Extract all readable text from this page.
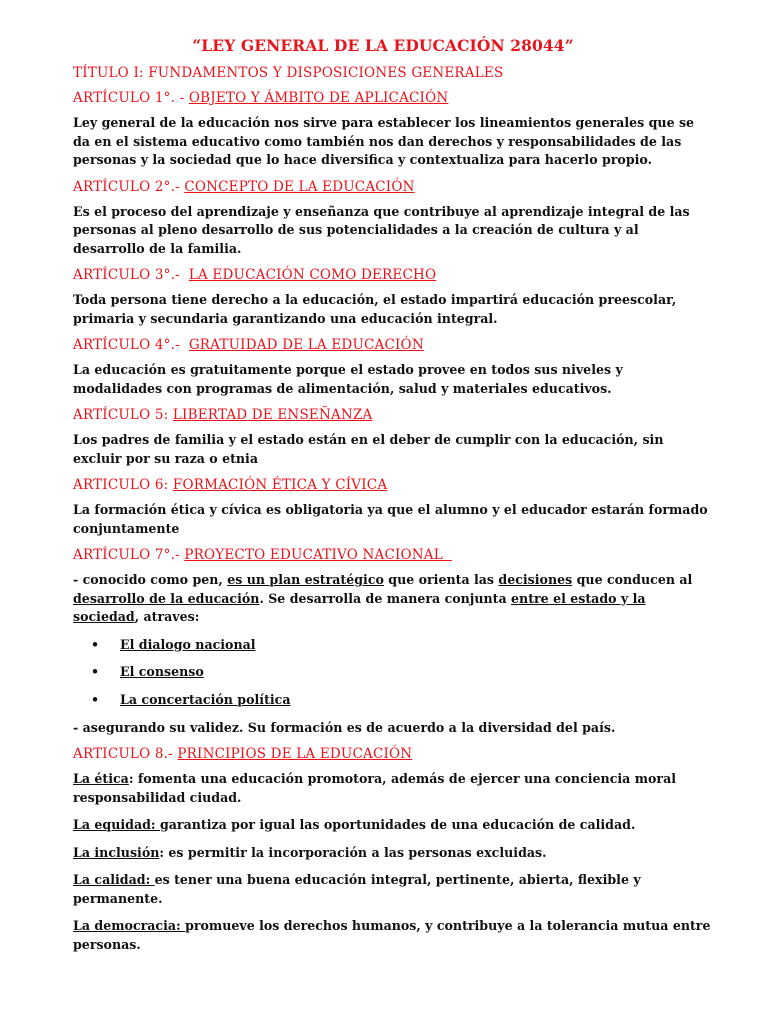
“LEY GENERAL DE LA EDUCACIÓN 28044”
TÍTULO I: FUNDAMENTOS Y DISPOSICIONES GENERALES
ARTÍCULO 1°. - OBJETO Y ÁMBITO DE APLICACIÓN

Ley general de la educación nos sirve para establecer los lineamientos generales que se da en el sistema educativo como también nos dan derechos y responsabilidades de las personas y la sociedad que lo hace diversifica y contextualiza para hacerlo propio.

ARTÍCULO 2°.- CONCEPTO DE LA EDUCACIÓN

Es el proceso del aprendizaje y enseñanza que contribuye al aprendizaje integral de las personas al pleno desarrollo de sus potencialidades a la creación de cultura y al desarrollo de la familia.

ARTÍCULO 3°.-  LA EDUCACIÓN COMO DERECHO

Toda persona tiene derecho a la educación, el estado impartirá educación preescolar, primaria y secundaria garantizando una educación integral.

ARTÍCULO 4°.-  GRATUIDAD DE LA EDUCACIÓN

La educación es gratuitamente porque el estado provee en todos sus niveles y modalidades con programas de alimentación, salud y materiales educativos.

ARTÍCULO 5: LIBERTAD DE ENSEÑANZA

Los padres de familia y el estado están en el deber de cumplir con la educación, sin excluir por su raza o etnia

ARTICULO 6: FORMACIÓN ÉTICA Y CÍVICA

La formación ética y cívica es obligatoria ya que el alumno y el educador estarán formado conjuntamente

ARTÍCULO 7°.- PROYECTO EDUCATIVO NACIONAL

- conocido como pen, es un plan estratégico que orienta las decisiones que conducen al desarrollo de la educación. Se desarrolla de manera conjunta entre el estado y la sociedad, atraves:

• El dialogo nacional
• El consenso
• La concertación política

- asegurando su validez. Su formación es de acuerdo a la diversidad del país.

ARTICULO 8.- PRINCIPIOS DE LA EDUCACIÓN
La ética: fomenta una educación promotora, además de ejercer una conciencia moral responsabilidad ciudad.
La equidad: garantiza por igual las oportunidades de una educación de calidad.
La inclusión: es permitir la incorporación a las personas excluidas.
La calidad: es tener una buena educación integral, pertinente, abierta, flexible y permanente.
La democracia: promueve los derechos humanos, y contribuye a la tolerancia mutua entre personas.
